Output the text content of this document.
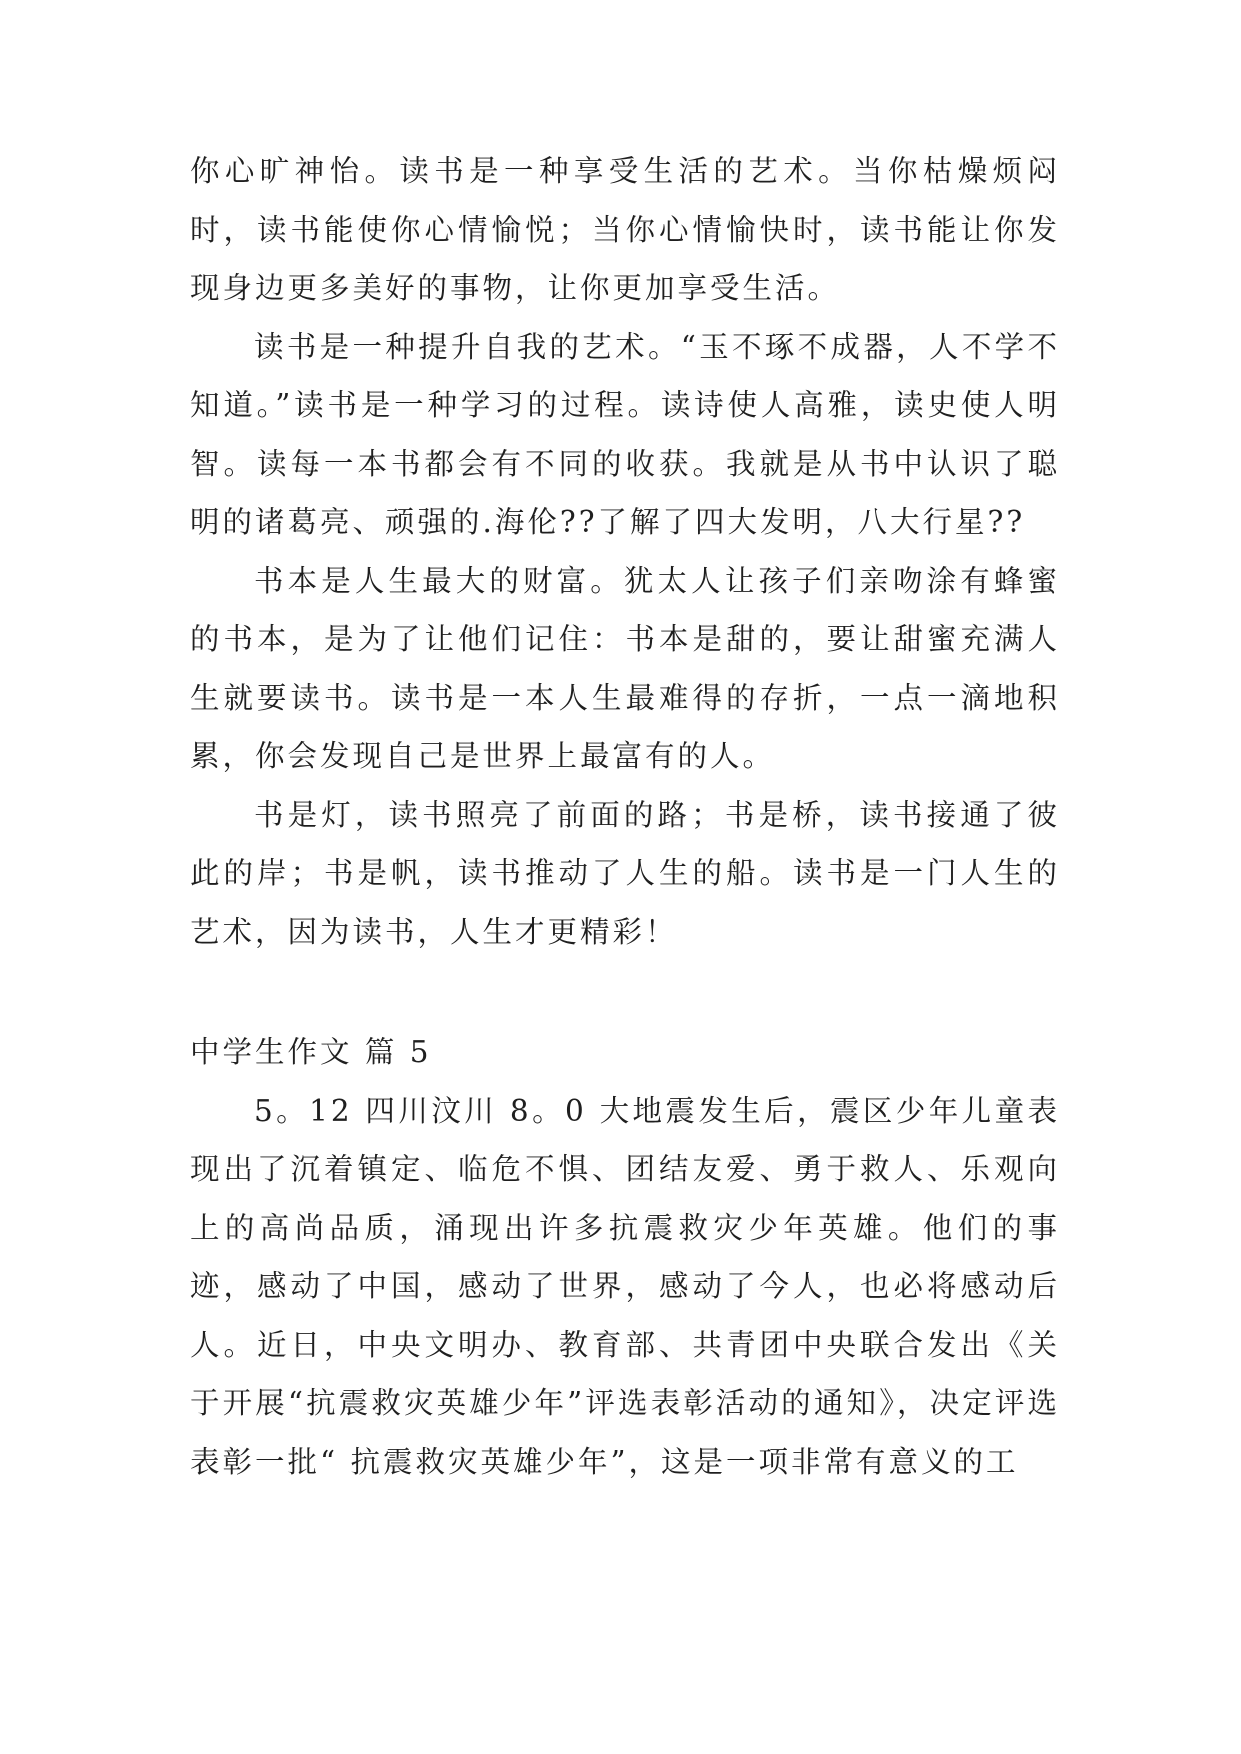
你心旷神怡。读书是一种享受生活的艺术。当你枯燥烦闷时，读书能使你心情愉悦；当你心情愉快时，读书能让你发现身边更多美好的事物，让你更加享受生活。

读书是一种提升自我的艺术。“玉不琢不成器，人不学不知道。”读书是一种学习的过程。读诗使人高雅，读史使人明智。读每一本书都会有不同的收获。我就是从书中认识了聪明的诸葛亮、顽强的.海伦??了解了四大发明，八大行星??

书本是人生最大的财富。犹太人让孩子们亲吻涂有蜂蜜的书本，是为了让他们记住：书本是甜的，要让甜蜜充满人生就要读书。读书是一本人生最难得的存折，一点一滴地积累，你会发现自己是世界上最富有的人。

书是灯，读书照亮了前面的路；书是桥，读书接通了彼此的岸；书是帆，读书推动了人生的船。读书是一门人生的艺术，因为读书，人生才更精彩！

中学生作文 篇 5

5。12 四川汶川 8。0 大地震发生后，震区少年儿童表现出了沉着镇定、临危不惧、团结友爱、勇于救人、乐观向上的高尚品质，涌现出许多抗震救灾少年英雄。他们的事迹，感动了中国，感动了世界，感动了今人，也必将感动后人。近日，中央文明办、教育部、共青团中央联合发出《关于开展“抗震救灾英雄少年”评选表彰活动的通知》，决定评选表彰一批“ 抗震救灾英雄少年”，这是一项非常有意义的工
